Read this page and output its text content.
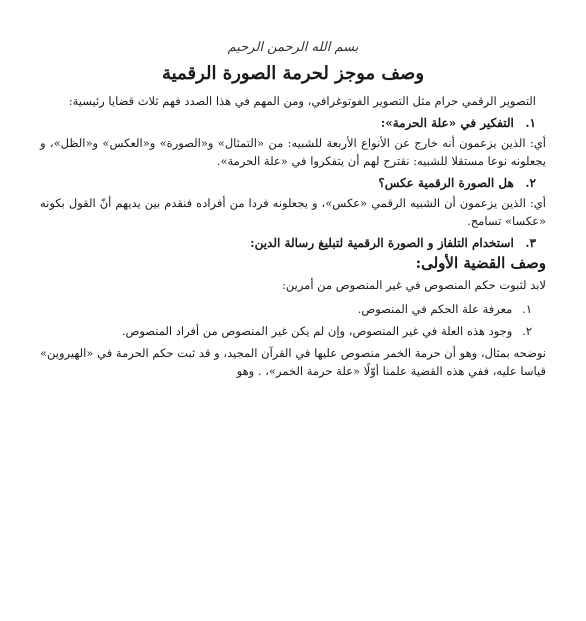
بسم الله الرحمن الرحيم
وصف موجز لحرمة الصورة الرقمية
التصوير الرقمي حرام مثل التصوير الفوتوغرافي، ومن المهم في هذا الصدد فهم ثلاث قضايا رئيسية:
١. التفكير في «علة الحرمة»:
أي: الذين يزعمون أنه خارج عن الأنواع الأربعة للشبيه: من «التمثال» و«الصورة» و«العكس» و«الظل»، و يجعلونه نوعا مستقلا للشبيه: نقترح لهم أن يتفكروا في «علة الحرمة».
٢. هل الصورة الرقمية عكس؟
أي: الذين يزعمون أن الشبيه الرقمي «عكس»، و يجعلونه فردا من أفراده فنقدم بين يديهم أنّ القول بكونه «عكسا» تسامح.
٣. استخدام التلفاز و الصورة الرقمية لتبليغ رسالة الدين:
وصف القضية الأولى:
لابد لثبوت حكم المنصوص في غير المنصوص من أمرين:
١. معرفة علة الحكم في المنصوص.
٢. وجود هذه العلة في غير المنصوص، وإن لم يكن غير المنصوص من أفراد المنصوص.
نوضحه بمثال، وهو أن حرمة الخمر منصوص عليها في القرآن المجيد، و قد ثبت حكم الحرمة في «الهيروين» قياسا عليه، ففي هذه القضية علمنا أوّلًا «علة حرمة الخمر»، . وهو
